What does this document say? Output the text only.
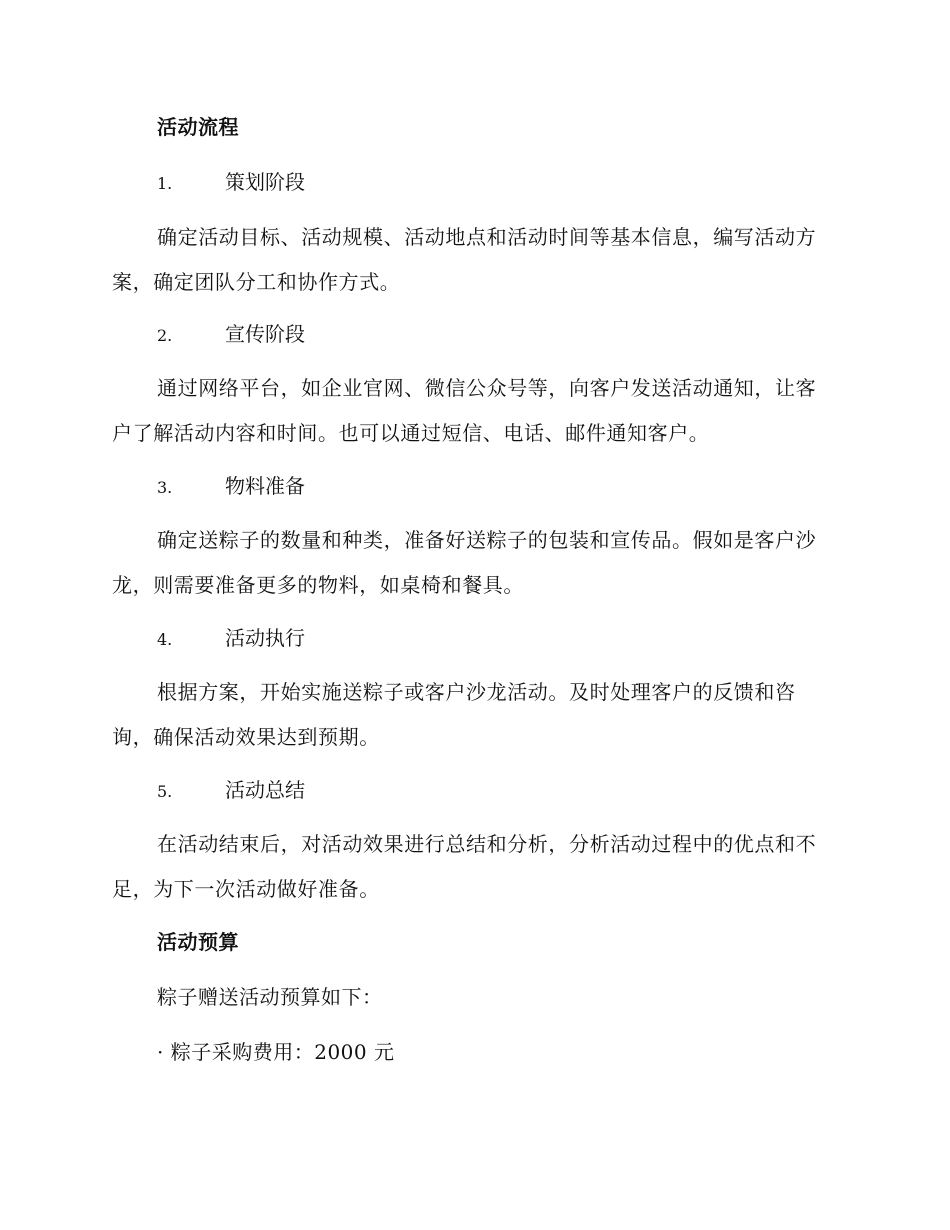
活动流程
1.	策划阶段
确定活动目标、活动规模、活动地点和活动时间等基本信息，编写活动方案，确定团队分工和协作方式。
2.	宣传阶段
通过网络平台，如企业官网、微信公众号等，向客户发送活动通知，让客户了解活动内容和时间。也可以通过短信、电话、邮件通知客户。
3.	物料准备
确定送粽子的数量和种类，准备好送粽子的包装和宣传品。假如是客户沙龙，则需要准备更多的物料，如桌椅和餐具。
4.	活动执行
根据方案，开始实施送粽子或客户沙龙活动。及时处理客户的反馈和咨询，确保活动效果达到预期。
5.	活动总结
在活动结束后，对活动效果进行总结和分析，分析活动过程中的优点和不足，为下一次活动做好准备。
活动预算
粽子赠送活动预算如下：
· 粽子采购费用：2000 元
